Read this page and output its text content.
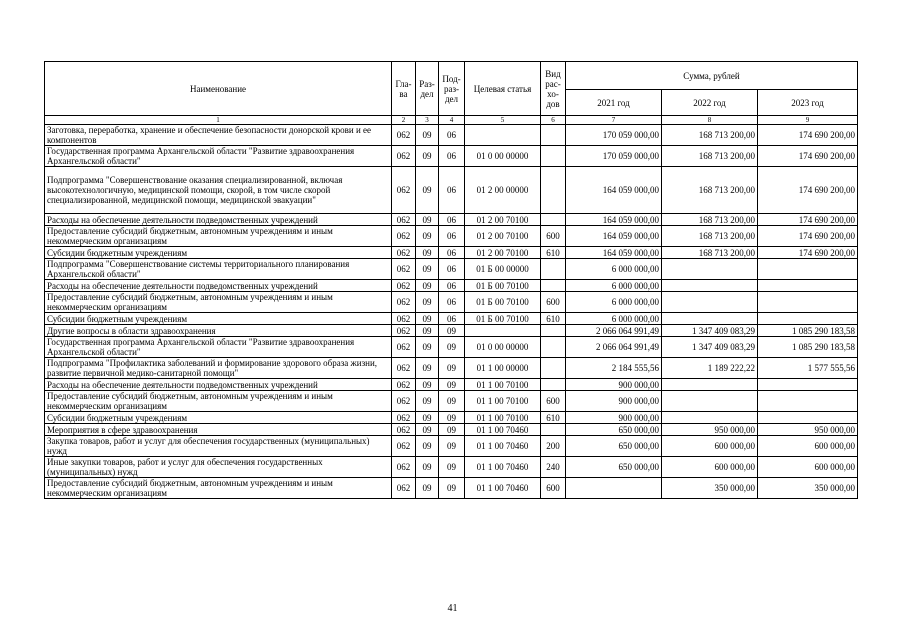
Наименование	Гла-ва	Раз-дел	Под-раз-дел	Целевая статья	Вид рас-хо-дов	Сумма, рублей		
						2021 год	2022 год	2023 год
1	2	3	4	5	6	7	8	9
Заготовка, переработка, хранение и обеспечение безопасности донорской крови и ее компонентов	062	09	06			170 059 000,00	168 713 200,00	174 690 200,00
Государственная программа Архангельской области "Развитие здравоохранения Архангельской области"	062	09	06	01 0 00 00000		170 059 000,00	168 713 200,00	174 690 200,00
Подпрограмма "Совершенствование оказания специализированной, включая высокотехнологичную, медицинской помощи, скорой, в том числе скорой специализированной, медицинской помощи, медицинской эвакуации"	062	09	06	01 2 00 00000		164 059 000,00	168 713 200,00	174 690 200,00
Расходы на обеспечение деятельности подведомственных учреждений	062	09	06	01 2 00 70100		164 059 000,00	168 713 200,00	174 690 200,00
Предоставление субсидий бюджетным, автономным учреждениям и иным некоммерческим организациям	062	09	06	01 2 00 70100	600	164 059 000,00	168 713 200,00	174 690 200,00
Субсидии бюджетным учреждениям	062	09	06	01 2 00 70100	610	164 059 000,00	168 713 200,00	174 690 200,00
Подпрограмма "Совершенствование системы территориального планирования Архангельской области"	062	09	06	01 Б 00 00000		6 000 000,00		
Расходы на обеспечение деятельности подведомственных учреждений	062	09	06	01 Б 00 70100		6 000 000,00		
Предоставление субсидий бюджетным, автономным учреждениям и иным некоммерческим организациям	062	09	06	01 Б 00 70100	600	6 000 000,00		
Субсидии бюджетным учреждениям	062	09	06	01 Б 00 70100	610	6 000 000,00		
Другие вопросы в области здравоохранения	062	09	09			2 066 064 991,49	1 347 409 083,29	1 085 290 183,58
Государственная программа Архангельской области "Развитие здравоохранения Архангельской области"	062	09	09	01 0 00 00000		2 066 064 991,49	1 347 409 083,29	1 085 290 183,58
Подпрограмма "Профилактика заболеваний и формирование здорового образа жизни, развитие первичной медико-санитарной помощи"	062	09	09	01 1 00 00000		2 184 555,56	1 189 222,22	1 577 555,56
Расходы на обеспечение деятельности подведомственных учреждений	062	09	09	01 1 00 70100		900 000,00		
Предоставление субсидий бюджетным, автономным учреждениям и иным некоммерческим организациям	062	09	09	01 1 00 70100	600	900 000,00		
Субсидии бюджетным учреждениям	062	09	09	01 1 00 70100	610	900 000,00		
Мероприятия в сфере здравоохранения	062	09	09	01 1 00 70460		650 000,00	950 000,00	950 000,00
Закупка товаров, работ и услуг для обеспечения государственных (муниципальных) нужд	062	09	09	01 1 00 70460	200	650 000,00	600 000,00	600 000,00
Иные закупки товаров, работ и услуг для обеспечения государственных (муниципальных) нужд	062	09	09	01 1 00 70460	240	650 000,00	600 000,00	600 000,00
Предоставление субсидий бюджетным, автономным учреждениям и иным некоммерческим организациям	062	09	09	01 1 00 70460	600		350 000,00	350 000,00
41
